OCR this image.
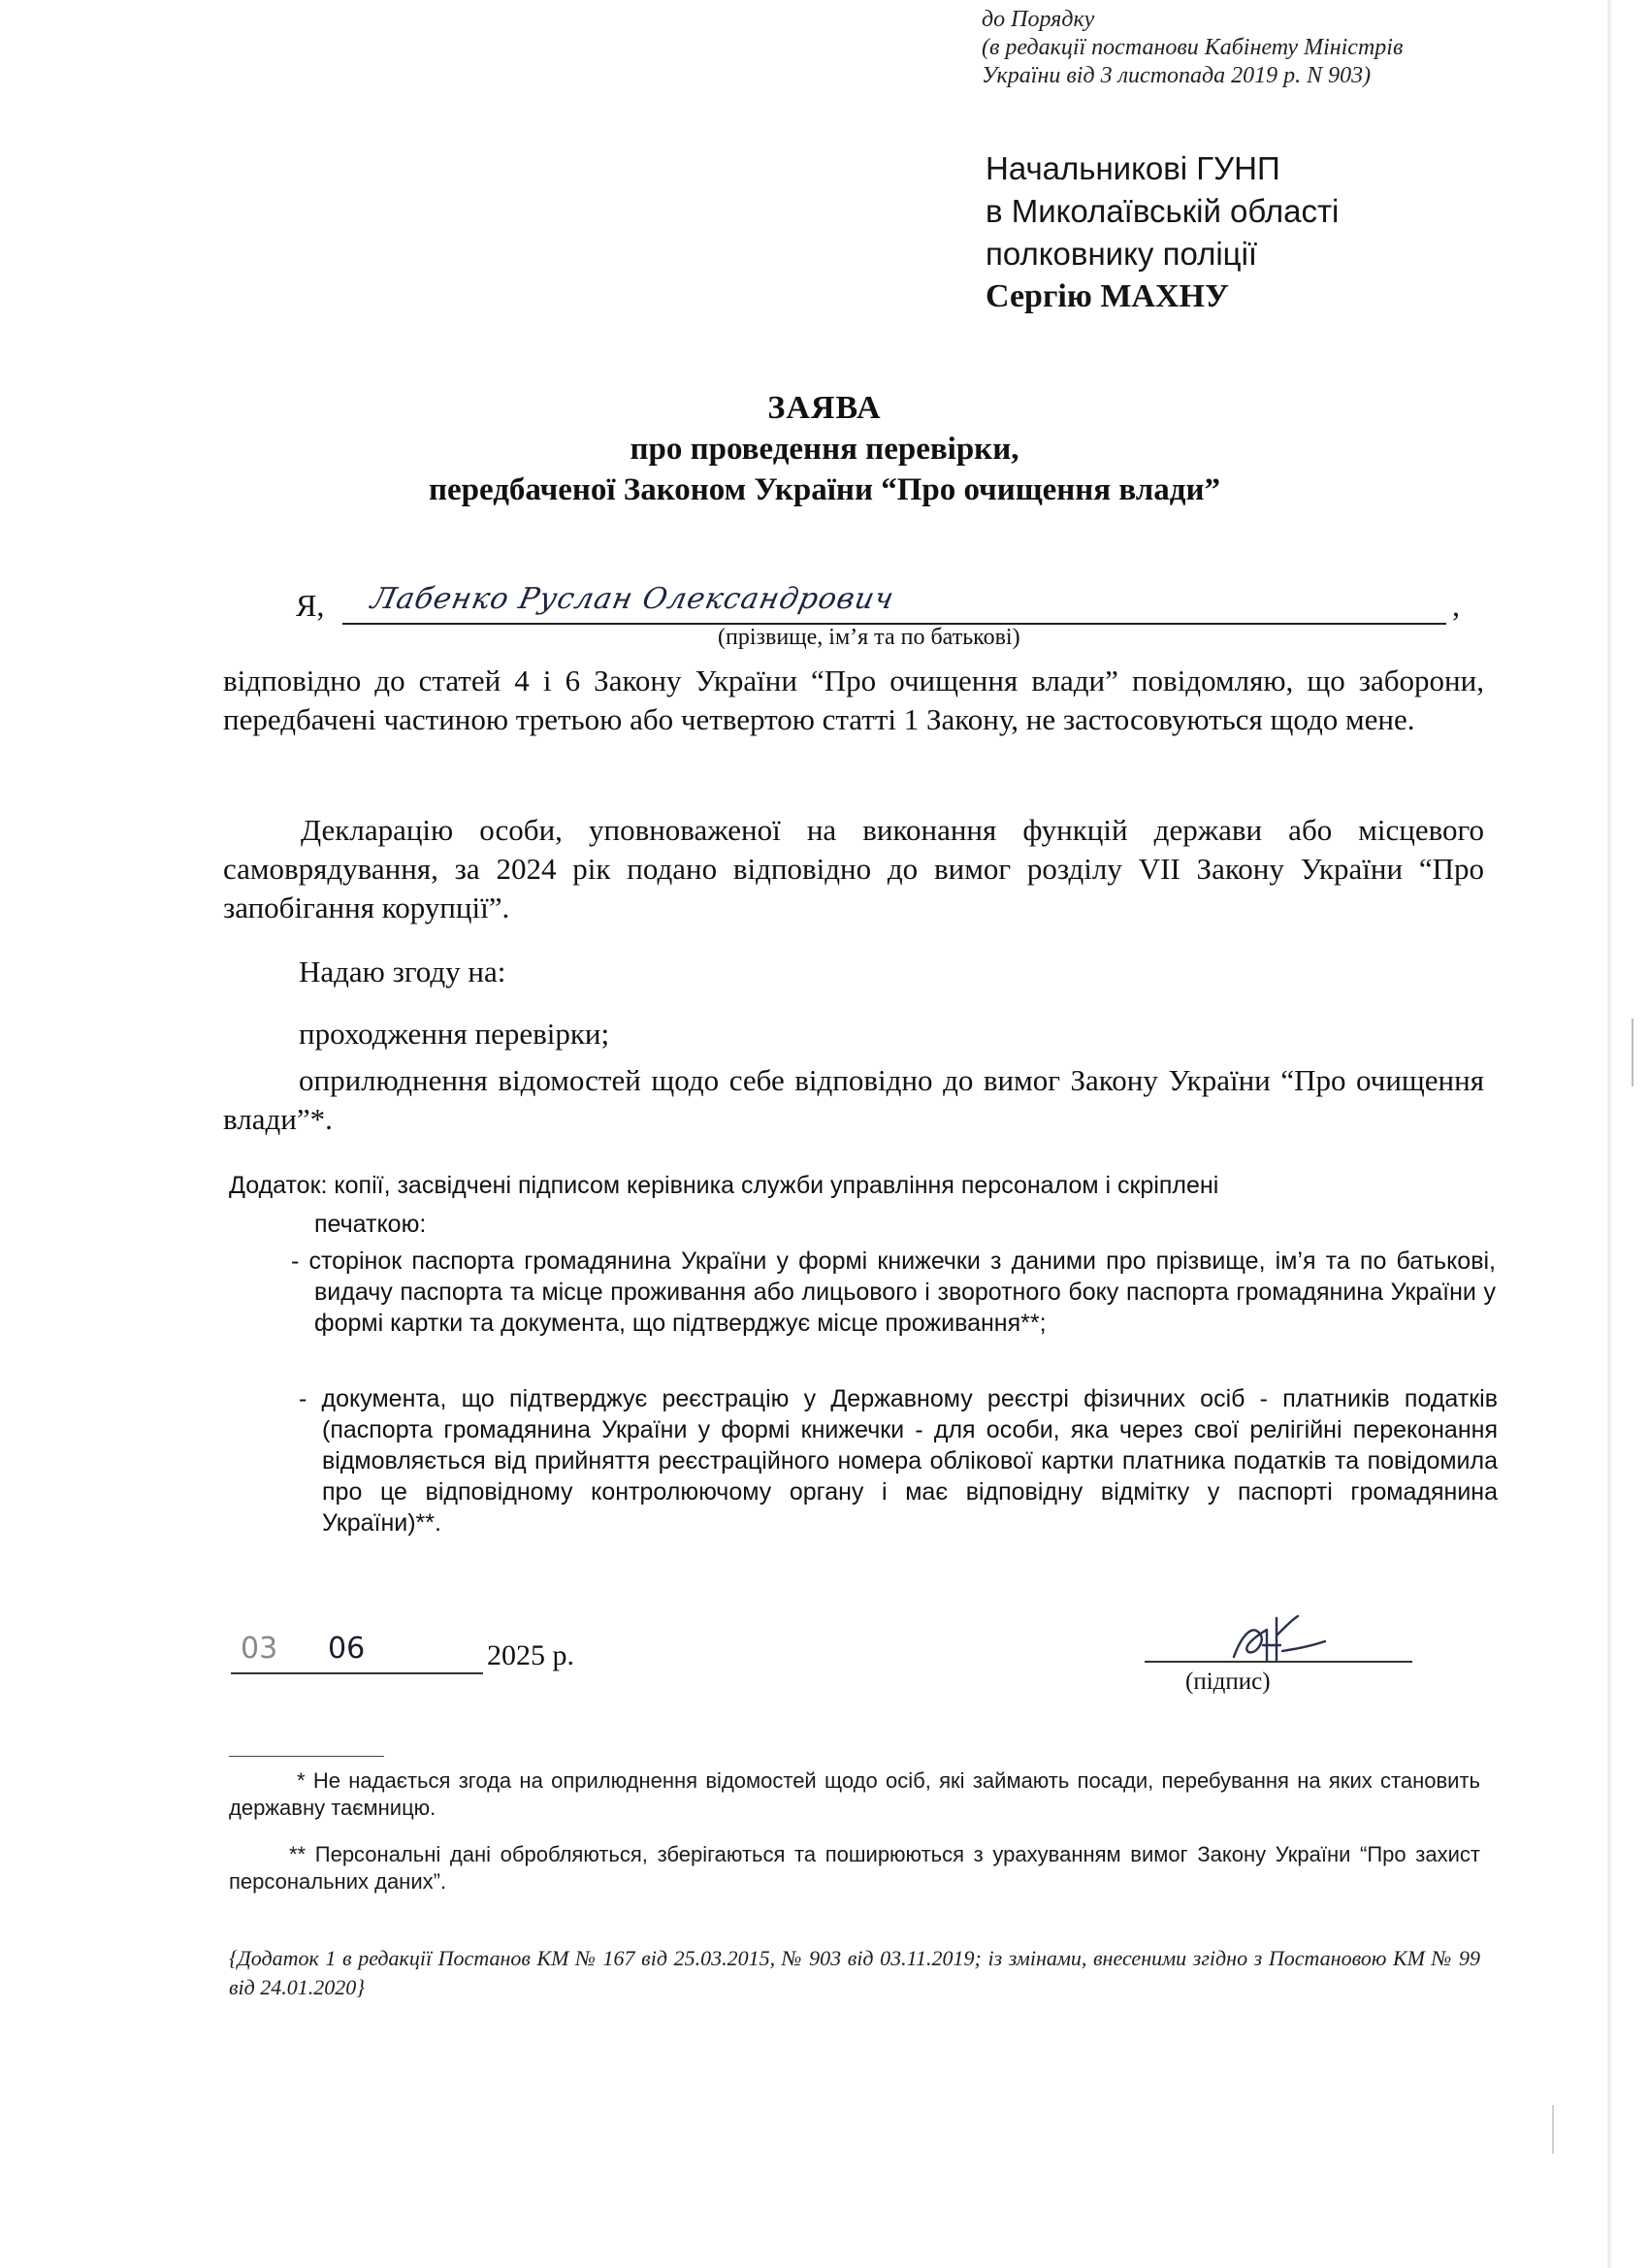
до Порядку
(в редакції постанови Кабінету Міністрів
України від 3 листопада 2019 р. N 903)
Начальникові ГУНП
в Миколаївській області
полковнику поліції
Сергію МАХНУ
ЗАЯВА
про проведення перевірки,
передбаченої Законом України “Про очищення влади”
Я, Лабенко Руслан Олександрович	,
(прізвище, ім’я та по батькові)
відповідно до статей 4 і 6 Закону України “Про очищення влади” повідомляю, що заборони, передбачені частиною третьою або четвертою статті 1 Закону, не застосовуються щодо мене.
Декларацію особи, уповноваженої на виконання функцій держави або місцевого самоврядування, за 2024 рік подано відповідно до вимог розділу VII Закону України “Про запобігання корупції”.
Надаю згоду на:
проходження перевірки;
оприлюднення відомостей щодо себе відповідно до вимог Закону України “Про очищення влади”*.
Додаток: копії, засвідчені підписом керівника служби управління персоналом і скріплені
печаткою:
- сторінок паспорта громадянина України у формі книжечки з даними про прізвище, ім’я та по батькові, видачу паспорта та місце проживання або лицьового і зворотного боку паспорта громадянина України у формі картки та документа, що підтверджує місце проживання**;
- документа, що підтверджує реєстрацію у Державному реєстрі фізичних осіб - платників податків (паспорта громадянина України у формі книжечки - для особи, яка через свої релігійні переконання відмовляється від прийняття реєстраційного номера облікової картки платника податків та повідомила про це відповідному контролюючому органу і має відповідну відмітку у паспорті громадянина України)**.
03 06	2025 р.
(підпис)
* Не надається згода на оприлюднення відомостей щодо осіб, які займають посади, перебування на яких становить державну таємницю.
** Персональні дані обробляються, зберігаються та поширюються з урахуванням вимог Закону України “Про захист персональних даних”.
{Додаток 1 в редакції Постанов КМ № 167 від 25.03.2015, № 903 від 03.11.2019; із змінами, внесеними згідно з Постановою КМ № 99 від 24.01.2020}
